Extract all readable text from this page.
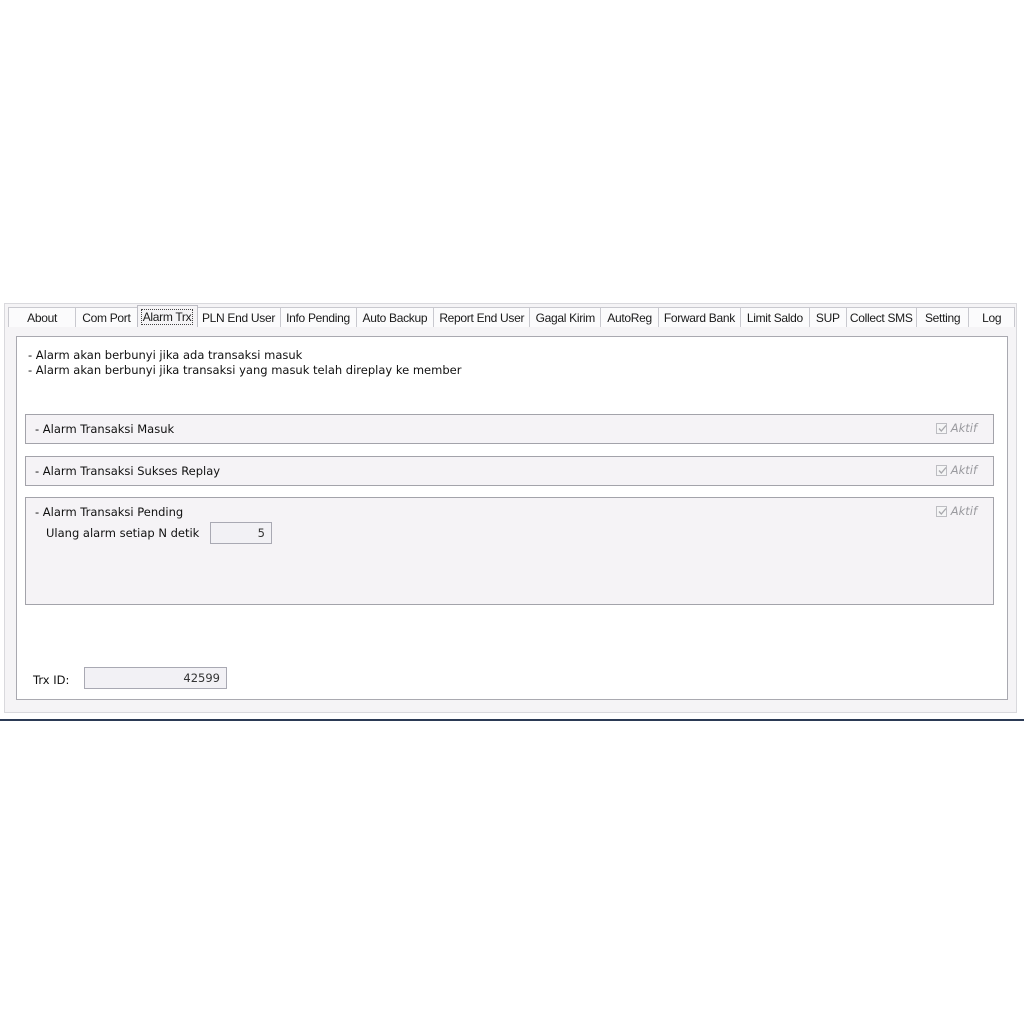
About Com Port Alarm Trx PLN End User Info Pending Auto Backup Report End User Gagal Kirim AutoReg Forward Bank Limit Saldo SUP Collect SMS Setting Log
- Alarm akan berbunyi jika ada transaksi masuk
- Alarm akan berbunyi jika transaksi yang masuk telah direplay ke member
- Alarm Transaksi Masuk	Aktif
- Alarm Transaksi Sukses Replay	Aktif
- Alarm Transaksi Pending	Aktif
Ulang alarm setiap N detik	5
Trx ID:	42599
